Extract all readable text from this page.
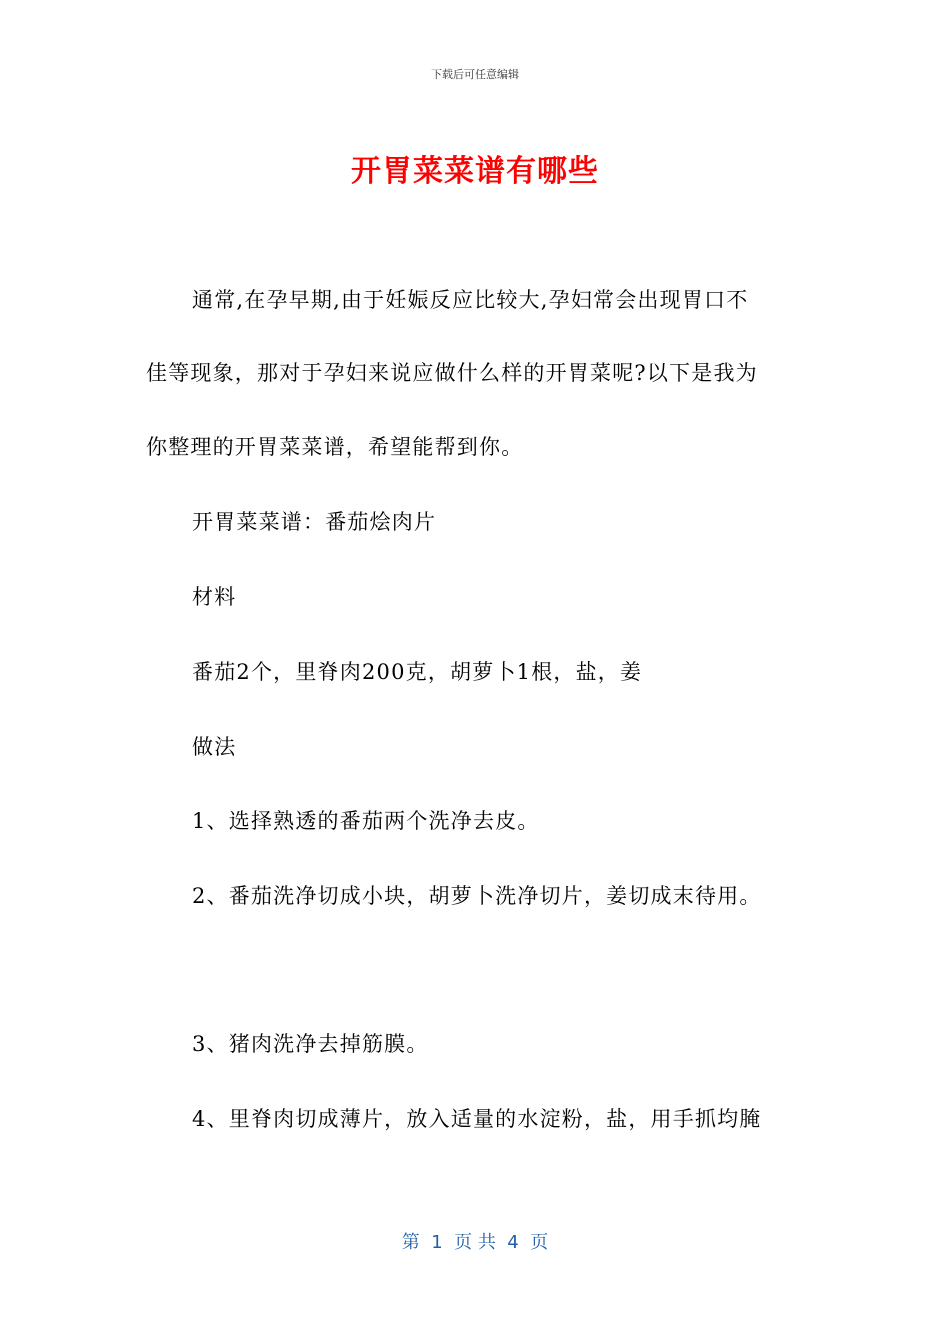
下载后可任意编辑
开胃菜菜谱有哪些
通常,在孕早期,由于妊娠反应比较大,孕妇常会出现胃口不
佳等现象，那对于孕妇来说应做什么样的开胃菜呢?以下是我为
你整理的开胃菜菜谱，希望能帮到你。
开胃菜菜谱：番茄烩肉片
材料
番茄2个，里脊肉200克，胡萝卜1根，盐，姜
做法
1、选择熟透的番茄两个洗净去皮。
2、番茄洗净切成小块，胡萝卜洗净切片，姜切成末待用。
3、猪肉洗净去掉筋膜。
4、里脊肉切成薄片，放入适量的水淀粉，盐，用手抓均腌
第  1  页 共  4  页
